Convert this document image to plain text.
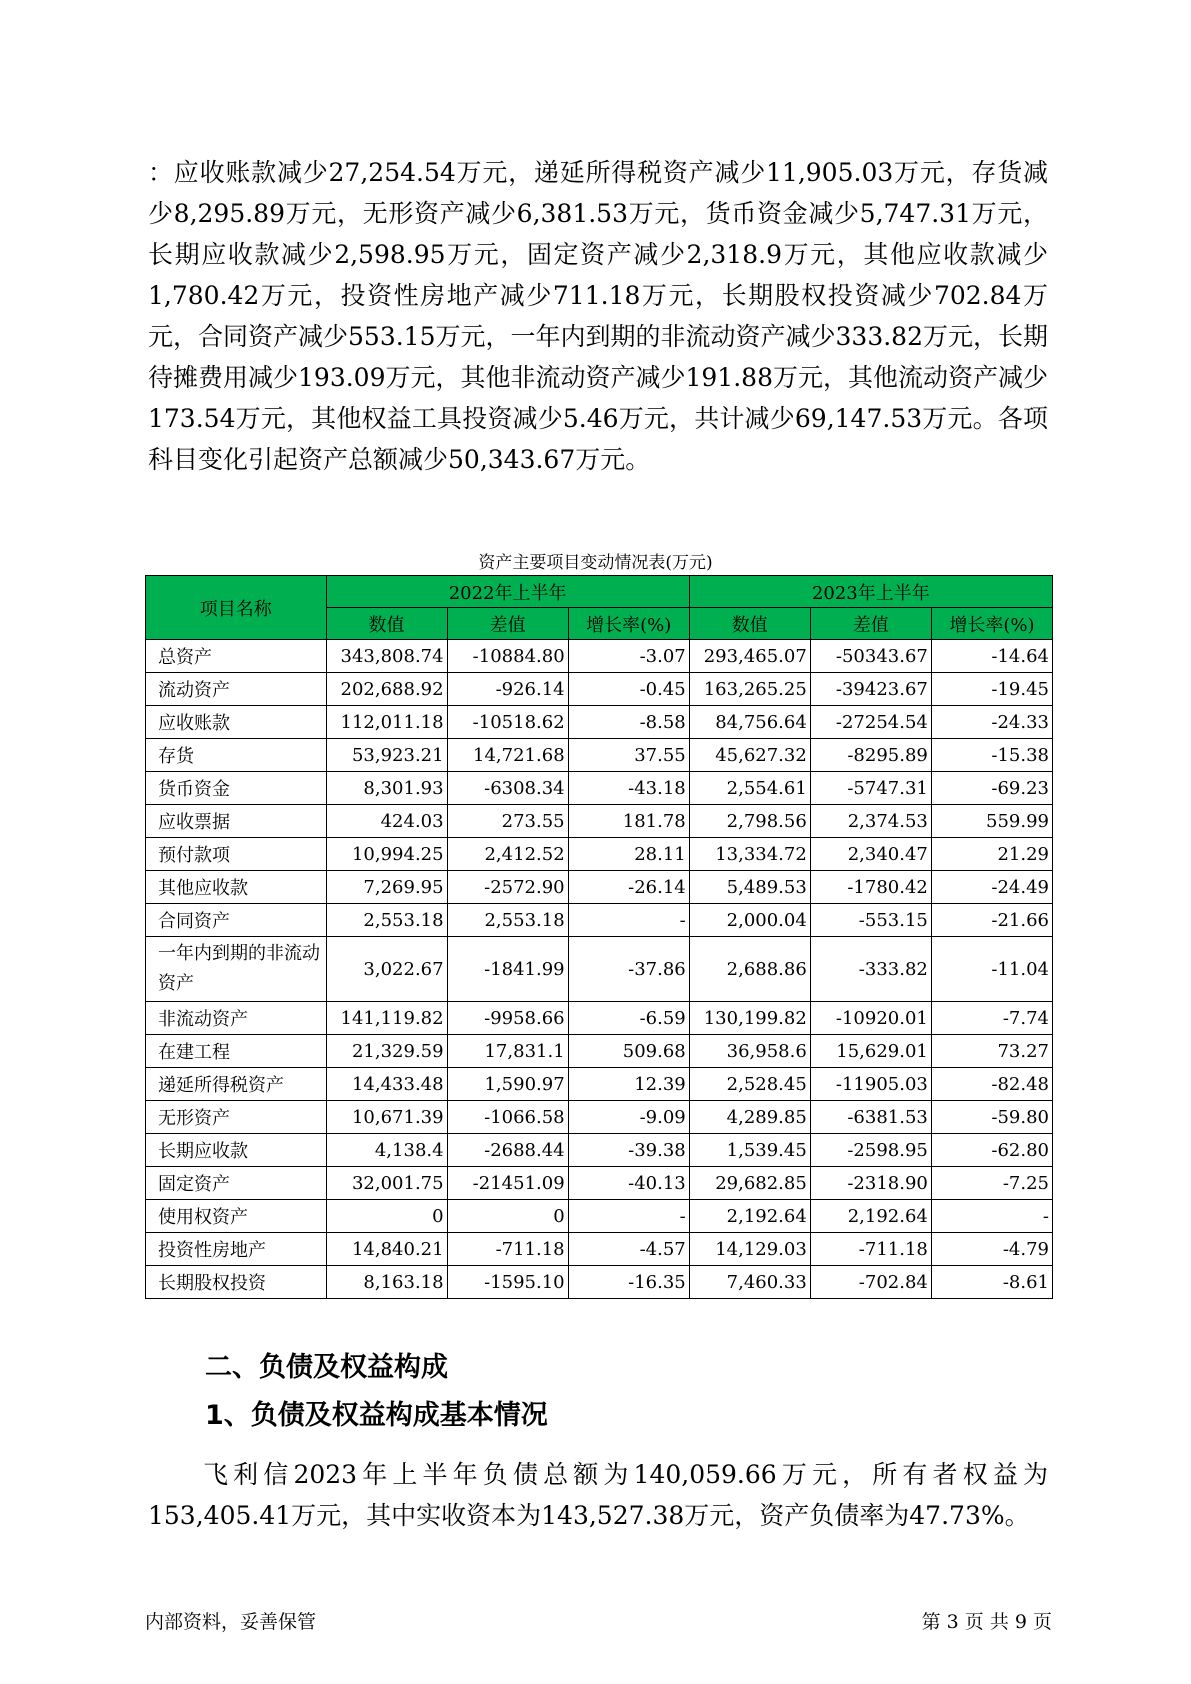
：应收账款减少27,254.54万元，递延所得税资产减少11,905.03万元，存货减少8,295.89万元，无形资产减少6,381.53万元，货币资金减少5,747.31万元，长期应收款减少2,598.95万元，固定资产减少2,318.9万元，其他应收款减少1,780.42万元，投资性房地产减少711.18万元，长期股权投资减少702.84万元，合同资产减少553.15万元，一年内到期的非流动资产减少333.82万元，长期待摊费用减少193.09万元，其他非流动资产减少191.88万元，其他流动资产减少173.54万元，其他权益工具投资减少5.46万元，共计减少69,147.53万元。各项科目变化引起资产总额减少50,343.67万元。

资产主要项目变动情况表(万元)
项目名称	2022年上半年			2023年上半年		
	数值	差值	增长率(%)	数值	差值	增长率(%)
总资产	343,808.74	-10884.80	-3.07	293,465.07	-50343.67	-14.64
流动资产	202,688.92	-926.14	-0.45	163,265.25	-39423.67	-19.45
应收账款	112,011.18	-10518.62	-8.58	84,756.64	-27254.54	-24.33
存货	53,923.21	14,721.68	37.55	45,627.32	-8295.89	-15.38
货币资金	8,301.93	-6308.34	-43.18	2,554.61	-5747.31	-69.23
应收票据	424.03	273.55	181.78	2,798.56	2,374.53	559.99
预付款项	10,994.25	2,412.52	28.11	13,334.72	2,340.47	21.29
其他应收款	7,269.95	-2572.90	-26.14	5,489.53	-1780.42	-24.49
合同资产	2,553.18	2,553.18	-	2,000.04	-553.15	-21.66
一年内到期的非流动资产	3,022.67	-1841.99	-37.86	2,688.86	-333.82	-11.04
非流动资产	141,119.82	-9958.66	-6.59	130,199.82	-10920.01	-7.74
在建工程	21,329.59	17,831.1	509.68	36,958.6	15,629.01	73.27
递延所得税资产	14,433.48	1,590.97	12.39	2,528.45	-11905.03	-82.48
无形资产	10,671.39	-1066.58	-9.09	4,289.85	-6381.53	-59.80
长期应收款	4,138.4	-2688.44	-39.38	1,539.45	-2598.95	-62.80
固定资产	32,001.75	-21451.09	-40.13	29,682.85	-2318.90	-7.25
使用权资产	0	0	-	2,192.64	2,192.64	-
投资性房地产	14,840.21	-711.18	-4.57	14,129.03	-711.18	-4.79
长期股权投资	8,163.18	-1595.10	-16.35	7,460.33	-702.84	-8.61
二、负债及权益构成
1、负债及权益构成基本情况

飞利信2023年上半年负债总额为140,059.66万元，所有者权益为153,405.41万元，其中实收资本为143,527.38万元，资产负债率为47.73%。

内部资料，妥善保管	第 3 页 共 9 页
